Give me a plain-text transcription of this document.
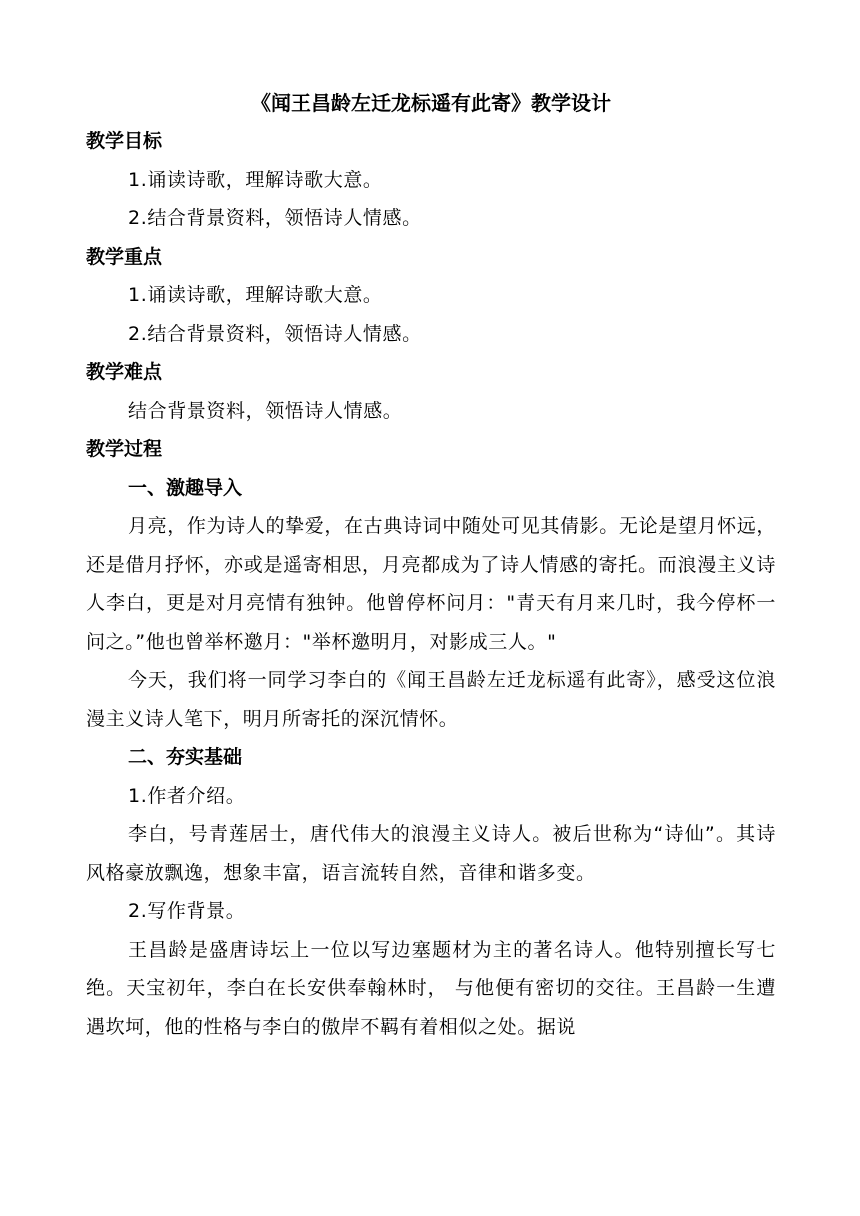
《闻王昌龄左迁龙标遥有此寄》教学设计
教学目标
1.诵读诗歌，理解诗歌大意。
2.结合背景资料，领悟诗人情感。
教学重点
1.诵读诗歌，理解诗歌大意。
2.结合背景资料，领悟诗人情感。
教学难点
结合背景资料，领悟诗人情感。
教学过程
一、激趣导入

月亮，作为诗人的挚爱，在古典诗词中随处可见其倩影。无论是望月怀远，还是借月抒怀，亦或是遥寄相思，月亮都成为了诗人情感的寄托。而浪漫主义诗人李白，更是对月亮情有独钟。他曾停杯问月："青天有月来几时，我今停杯一问之。”他也曾举杯邀月："举杯邀明月，对影成三人。"

今天，我们将一同学习李白的《闻王昌龄左迁龙标遥有此寄》，感受这位浪漫主义诗人笔下，明月所寄托的深沉情怀。

二、夯实基础
1.作者介绍。

李白，号青莲居士，唐代伟大的浪漫主义诗人。被后世称为“诗仙”。其诗风格豪放飘逸，想象丰富，语言流转自然，音律和谐多变。

2.写作背景。

王昌龄是盛唐诗坛上一位以写边塞题材为主的著名诗人。他特别擅长写七绝。天宝初年，李白在长安供奉翰林时， 与他便有密切的交往。王昌龄一生遭遇坎坷，他的性格与李白的傲岸不羁有着相似之处。据说
